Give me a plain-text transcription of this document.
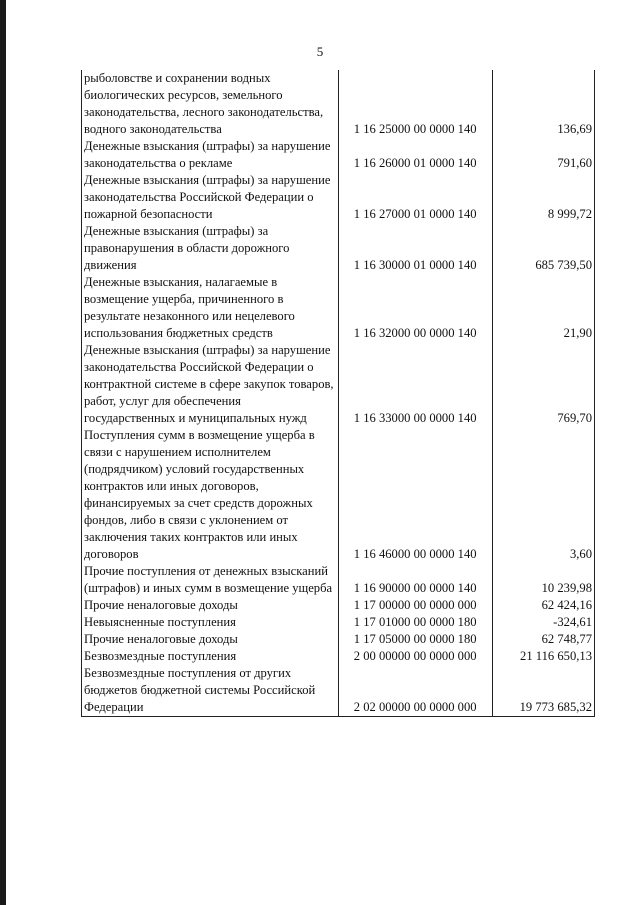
5
рыболовстве и сохранении водных биологических ресурсов, земельного законодательства, лесного законодательства, водного законодательства	1 16 25000 00 0000 140	136,69
Денежные взыскания (штрафы) за нарушение законодательства о рекламе	1 16 26000 01 0000 140	791,60
Денежные взыскания (штрафы) за нарушение законодательства Российской Федерации о пожарной безопасности	1 16 27000 01 0000 140	8 999,72
Денежные взыскания (штрафы) за правонарушения в области дорожного движения	1 16 30000 01 0000 140	685 739,50
Денежные взыскания, налагаемые в возмещение ущерба, причиненного в результате незаконного или нецелевого использования бюджетных средств	1 16 32000 00 0000 140	21,90
Денежные взыскания (штрафы) за нарушение законодательства Российской Федерации о контрактной системе в сфере закупок товаров, работ, услуг для обеспечения государственных и муниципальных нужд	1 16 33000 00 0000 140	769,70
Поступления сумм в возмещение ущерба в связи с нарушением исполнителем (подрядчиком) условий государственных контрактов или иных договоров, финансируемых за счет средств дорожных фондов, либо в связи с уклонением от заключения таких контрактов или иных договоров	1 16 46000 00 0000 140	3,60
Прочие поступления от денежных взысканий (штрафов) и иных сумм в возмещение ущерба	1 16 90000 00 0000 140	10 239,98
Прочие неналоговые доходы	1 17 00000 00 0000 000	62 424,16
Невыясненные поступления	1 17 01000 00 0000 180	-324,61
Прочие неналоговые доходы	1 17 05000 00 0000 180	62 748,77
Безвозмездные поступления	2 00 00000 00 0000 000	21 116 650,13
Безвозмездные поступления от других бюджетов бюджетной системы Российской Федерации	2 02 00000 00 0000 000	19 773 685,32
